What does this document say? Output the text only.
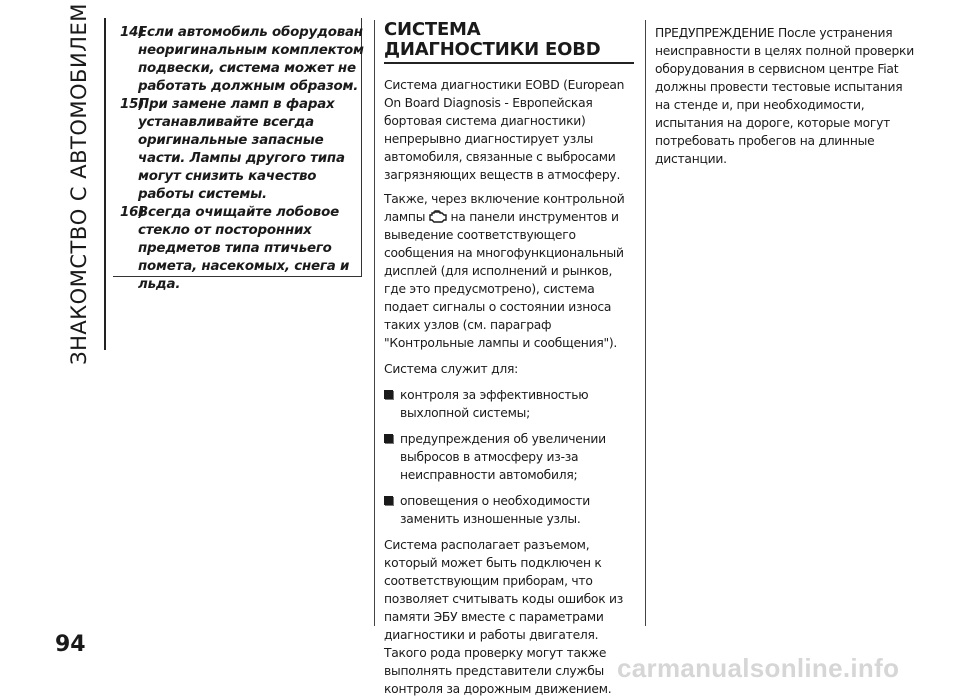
ЗНАКОМСТВО С АВТОМОБИЛЕМ
94
14)
Если автомобиль оборудован неоригинальным комплектом подвески, система может не работать должным образом.
15)
При замене ламп в фарах устанавливайте всегда оригинальные запасные части. Лампы другого типа могут снизить качество работы системы.
16)
Всегда очищайте лобовое стекло от посторонних предметов типа птичьего помета, насекомых, снега и льда.
СИСТЕМА ДИАГНОСТИКИ EOBD

Система диагностики EOBD (European On Board Diagnosis - Европейская бортовая система диагностики) непрерывно диагностирует узлы автомобиля, связанные с выбросами загрязняющих веществ в атмосферу.

Также, через включение контрольной лампы на панели инструментов и выведение соответствующего сообщения на многофункциональный дисплей (для исполнений и рынков, где это предусмотрено), система подает сигналы о состоянии износа таких узлов (см. параграф "Контрольные лампы и сообщения").

Система служит для:

контроля за эффективностью выхлопной системы;

предупреждения об увеличении выбросов в атмосферу из-за неисправности автомобиля;

оповещения о необходимости заменить изношенные узлы.

Система располагает разъемом, который может быть подключен к соответствующим приборам, что позволяет считывать коды ошибок из памяти ЭБУ вместе с параметрами диагностики и работы двигателя. Такого рода проверку могут также выполнять представители службы контроля за дорожным движением.

ПРЕДУПРЕЖДЕНИЕ После устранения неисправности в целях полной проверки оборудования в сервисном центре Fiat должны провести тестовые испытания на стенде и, при необходимости, испытания на дороге, которые могут потребовать пробегов на длинные дистанции.

carmanualsonline.info
